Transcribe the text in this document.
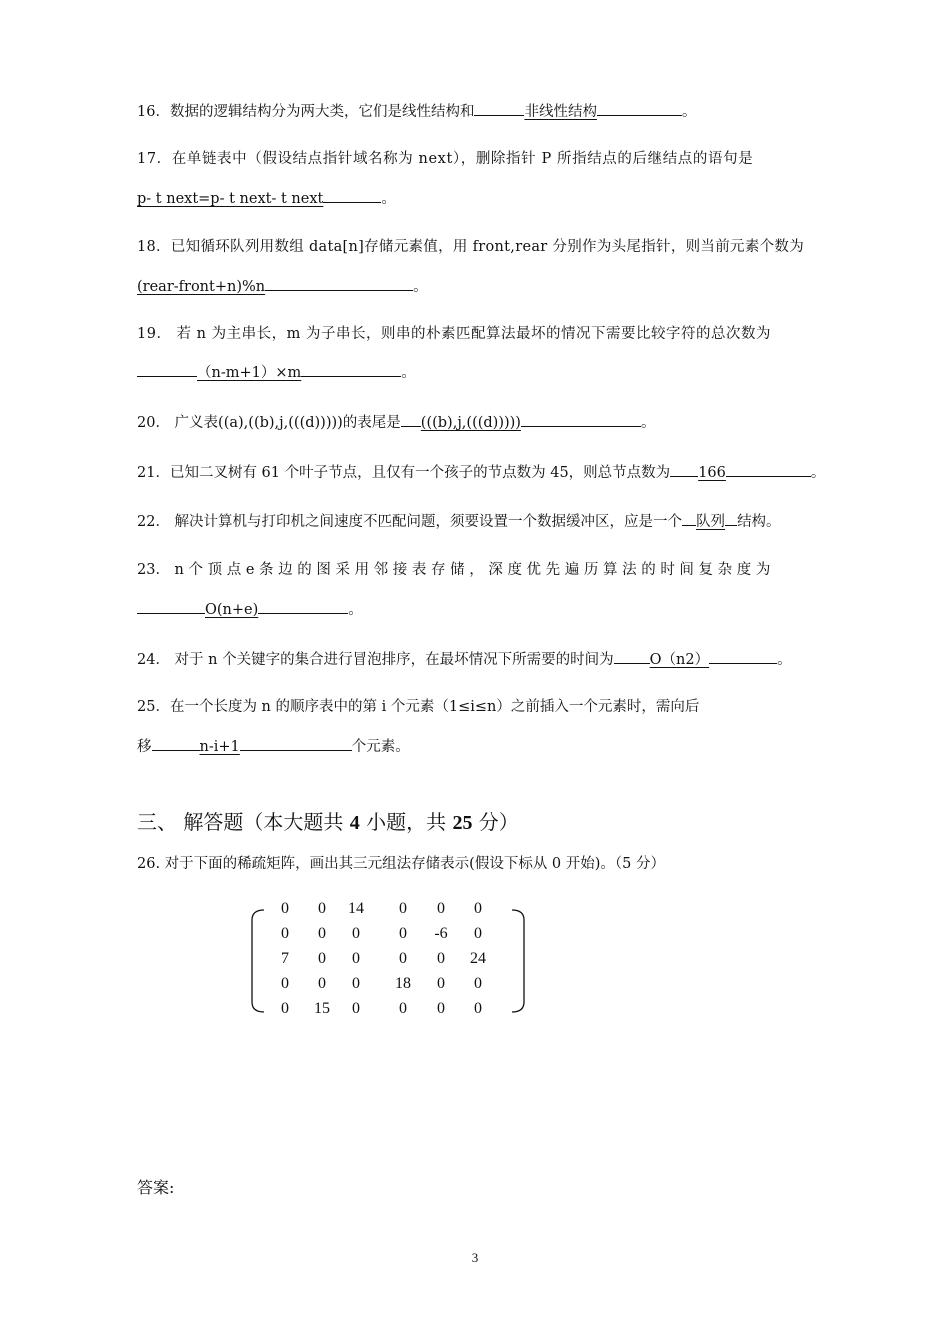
16．数据的逻辑结构分为两大类，它们是线性结构和	非线性结构	。
17．在单链表中（假设结点指针域名称为 next），删除指针 P 所指结点的后继结点的语句是
p- t next=p- t next- t next	。
18．已知循环队列用数组 data[n]存储元素值，用 front,rear 分别作为头尾指针，则当前元素个数为
(rear-front+n)%n	。
19． 若 n 为主串长，m 为子串长，则串的朴素匹配算法最坏的情况下需要比较字符的总次数为
（n-m+1）×m	。
20． 广义表((a),((b),j,(((d)))))的表尾是 (((b),j,(((d)))))	。
21．已知二叉树有 61 个叶子节点，且仅有一个孩子的节点数为 45，则总节点数为 166	。
22． 解决计算机与打印机之间速度不匹配问题，须要设置一个数据缓冲区，应是一个 队列 结构。
23． n 个 顶 点 e 条 边 的 图 采 用 邻 接 表 存 储 ， 深 度 优 先 遍 历 算 法 的 时 间 复 杂 度 为
O(n+e)	。
24． 对于 n 个关键字的集合进行冒泡排序，在最坏情况下所需要的时间为 O（n2）	。
25．在一个长度为 n 的顺序表中的第 i 个元素（1≤i≤n）之前插入一个元素时，需向后
移	n-i+1	个元素。
三、 解答题（本大题共 4 小题，共 25 分）
26. 对于下面的稀疏矩阵，画出其三元组法存储表示(假设下标从 0 开始)。（5 分）
0 0 14 0 0 0
0 0 0 0 -6 0
7 0 0 0 0 24
0 0 0 18 0 0
0 15 0 0 0 0
答案:
3
